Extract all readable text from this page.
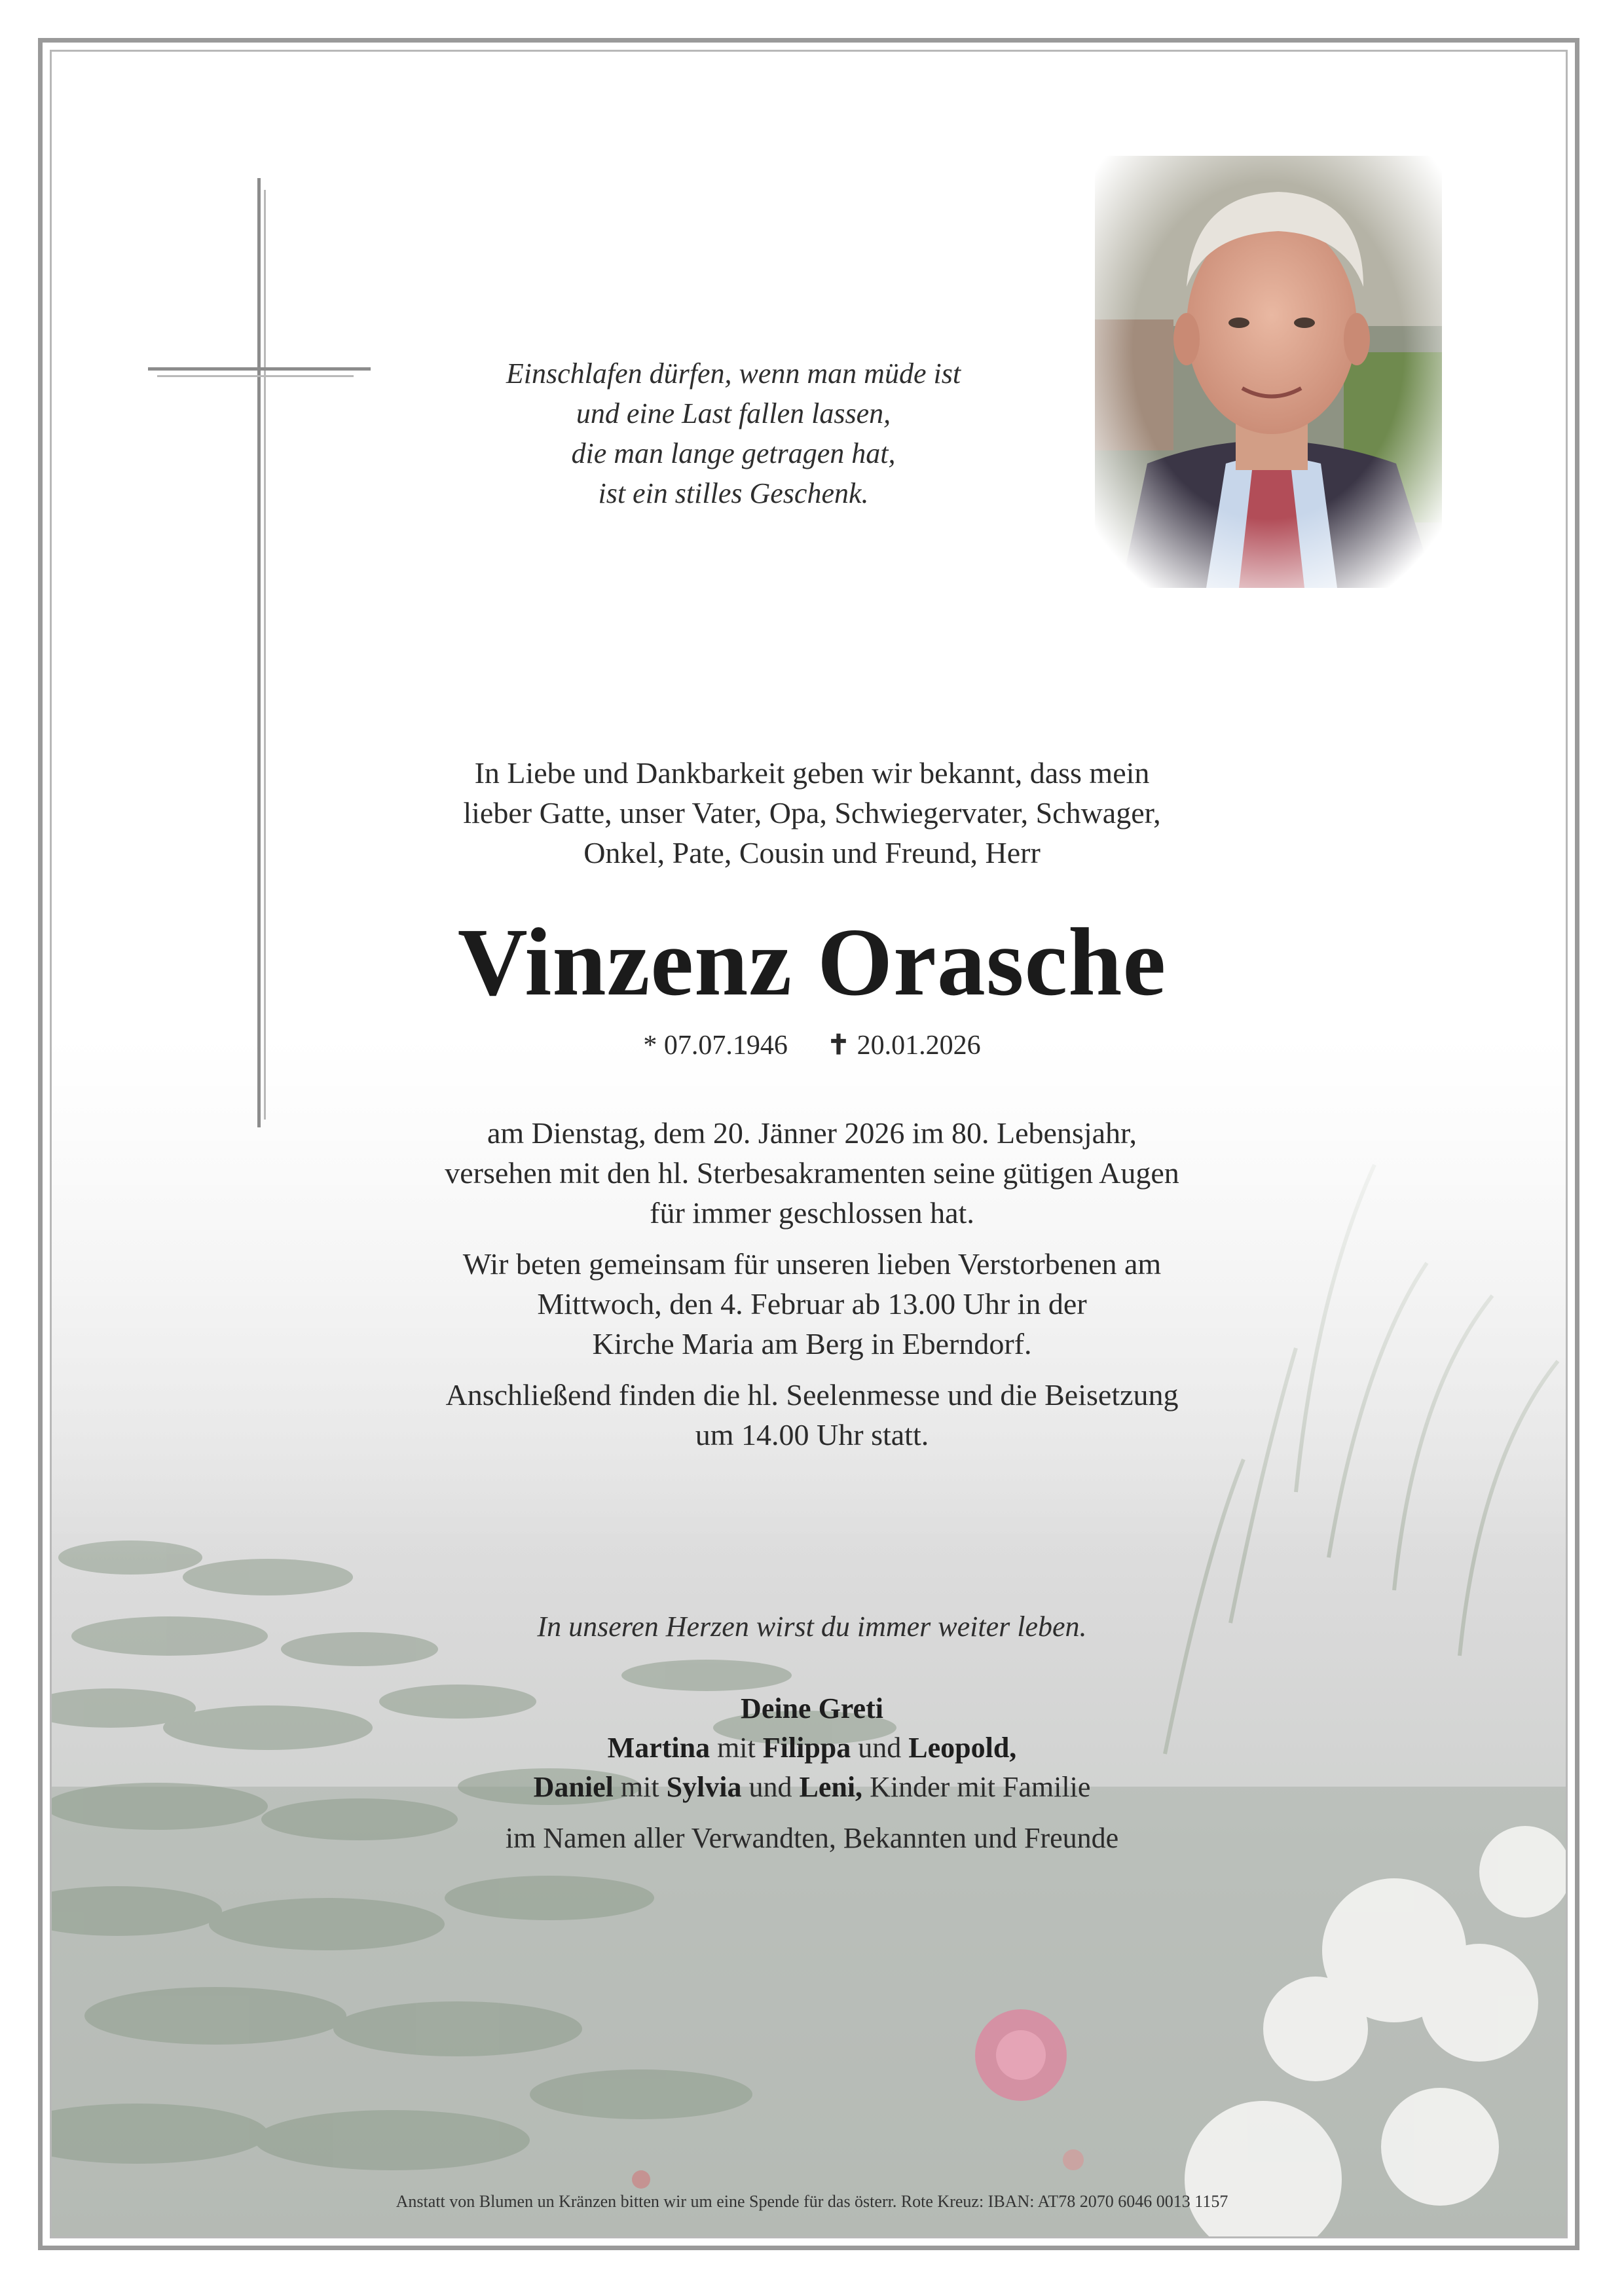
Einschlafen dürfen, wenn man müde ist
und eine Last fallen lassen,
die man lange getragen hat,
ist ein stilles Geschenk.
In Liebe und Dankbarkeit geben wir bekannt, dass mein
lieber Gatte, unser Vater, Opa, Schwiegervater, Schwager,
Onkel, Pate, Cousin und Freund, Herr
Vinzenz Orasche
* 07.07.1946 ✝ 20.01.2026
am Dienstag, dem 20. Jänner 2026 im 80. Lebensjahr,
versehen mit den hl. Sterbesakramenten seine gütigen Augen
für immer geschlossen hat.
Wir beten gemeinsam für unseren lieben Verstorbenen am
Mittwoch, den 4. Februar ab 13.00 Uhr in der
Kirche Maria am Berg in Eberndorf.
Anschließend finden die hl. Seelenmesse und die Beisetzung
um 14.00 Uhr statt.
In unseren Herzen wirst du immer weiter leben.
Deine Greti
Martina mit Filippa und Leopold,
Daniel mit Sylvia und Leni, Kinder mit Familie
im Namen aller Verwandten, Bekannten und Freunde
Anstatt von Blumen un Kränzen bitten wir um eine Spende für das österr. Rote Kreuz: IBAN: AT78 2070 6046 0013 1157
